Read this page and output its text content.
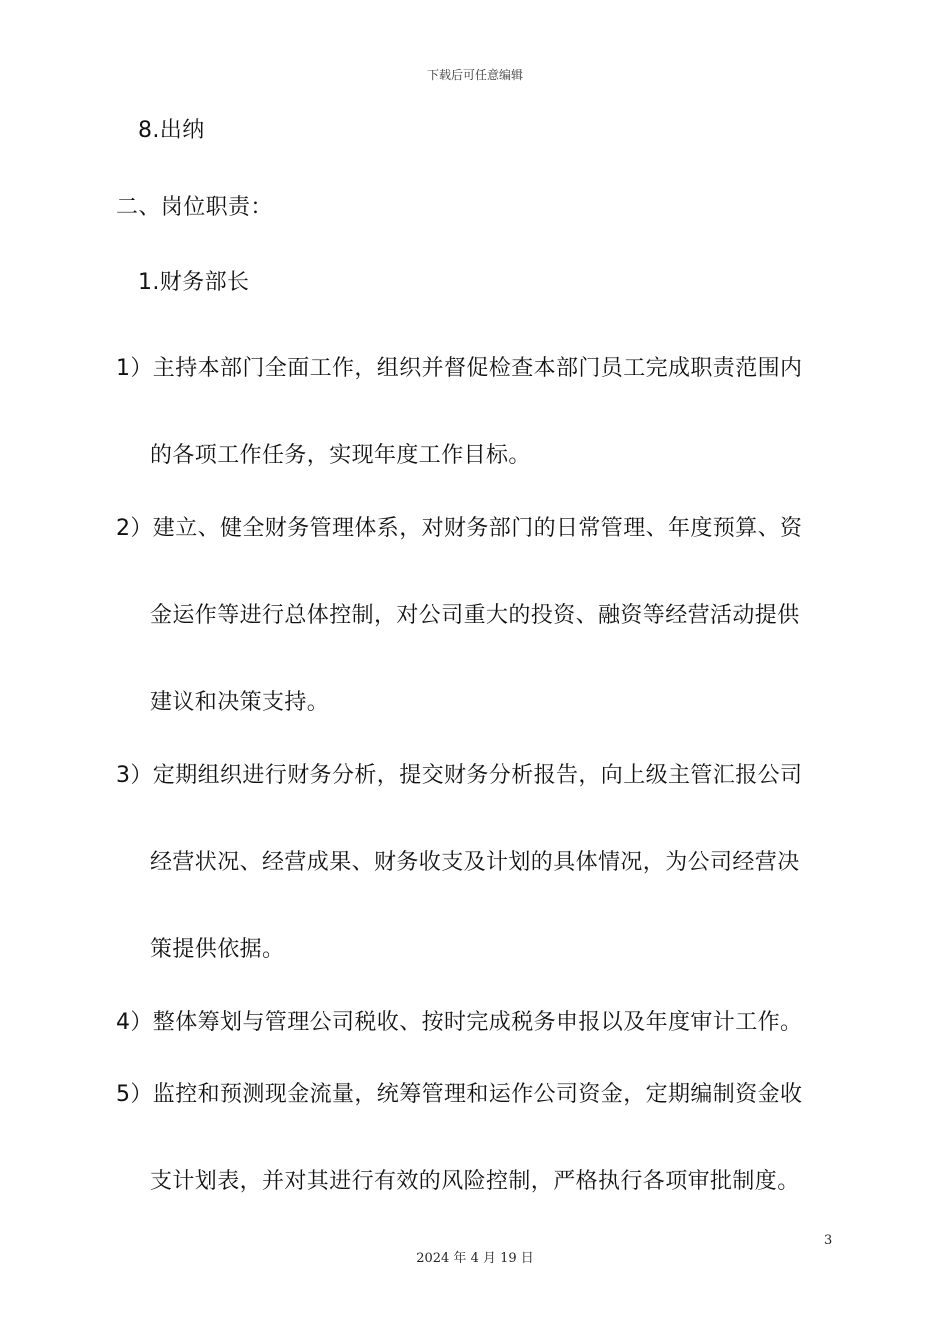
下载后可任意编辑
8.出纳
二、岗位职责：
1.财务部长
1）主持本部门全面工作，组织并督促检查本部门员工完成职责范围内
的各项工作任务，实现年度工作目标。
2）建立、健全财务管理体系，对财务部门的日常管理、年度预算、资
金运作等进行总体控制，对公司重大的投资、融资等经营活动提供
建议和决策支持。
3）定期组织进行财务分析，提交财务分析报告，向上级主管汇报公司
经营状况、经营成果、财务收支及计划的具体情况，为公司经营决
策提供依据。
4）整体筹划与管理公司税收、按时完成税务申报以及年度审计工作。
5）监控和预测现金流量，统筹管理和运作公司资金，定期编制资金收
支计划表，并对其进行有效的风险控制，严格执行各项审批制度。
3
2024 年 4 月 19 日
